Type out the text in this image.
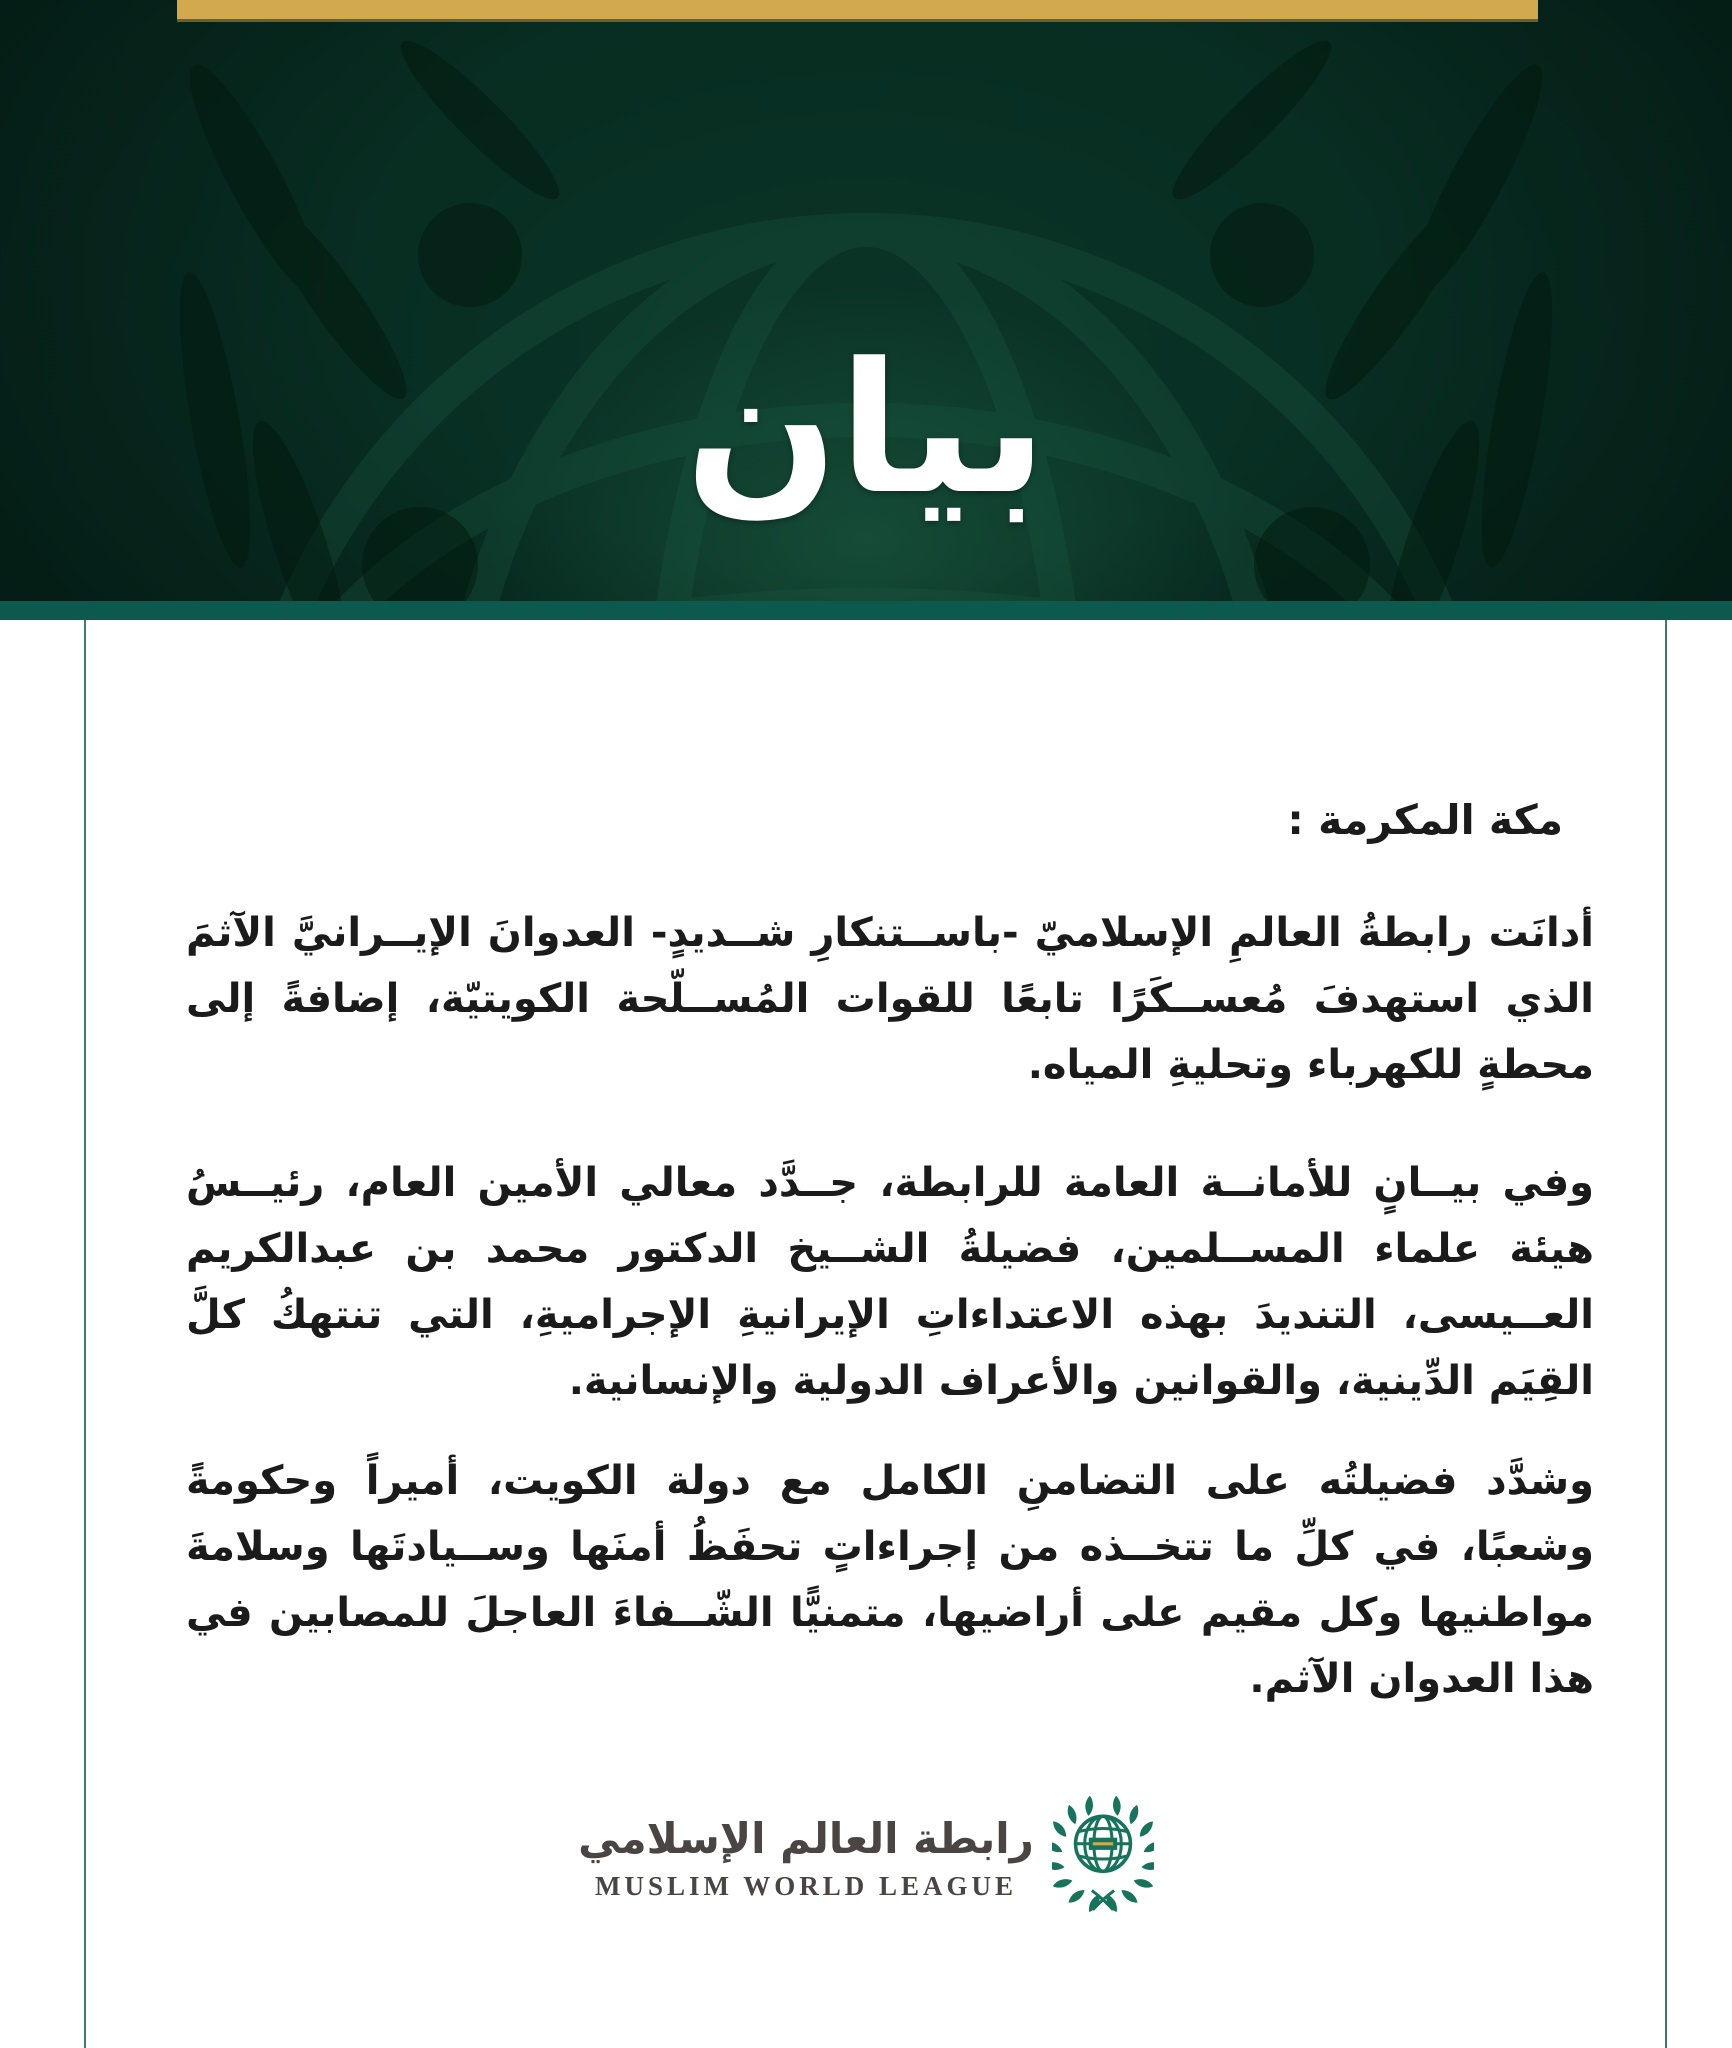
بيان
مكة المكرمة :
أدانَت رابطةُ العالمِ الإسلاميّ -باســتنكارِ شــديدٍ- العدوانَ الإيــرانيَّ الآثمَ الذي استهدفَ مُعســكَرًا تابعًا للقوات المُســلّحة الكويتيّة، إضافةً إلى محطةٍ للكهرباء وتحليةِ المياه.
وفي بيــانٍ للأمانــة العامة للرابطة، جــدَّد معالي الأمين العام، رئيــسُ هيئة علماء المســلمين، فضيلةُ الشــيخ الدكتور محمد بن عبدالكريم العــيسى، التنديدَ بهذه الاعتداءاتِ الإيرانيةِ الإجراميةِ، التي تنتهكُ كلَّ القِيَم الدِّينية، والقوانين والأعراف الدولية والإنسانية.
وشدَّد فضيلتُه على التضامنِ الكامل مع دولة الكويت، أميراً وحكومةً وشعبًا، في كلِّ ما تتخــذه من إجراءاتٍ تحفَظُ أمنَها وســيادتَها وسلامةَ مواطنيها وكل مقيم على أراضيها، متمنيًّا الشّــفاءَ العاجلَ للمصابين في هذا العدوان الآثم.
رابطة العالم الإسلامي
MUSLIM WORLD LEAGUE
